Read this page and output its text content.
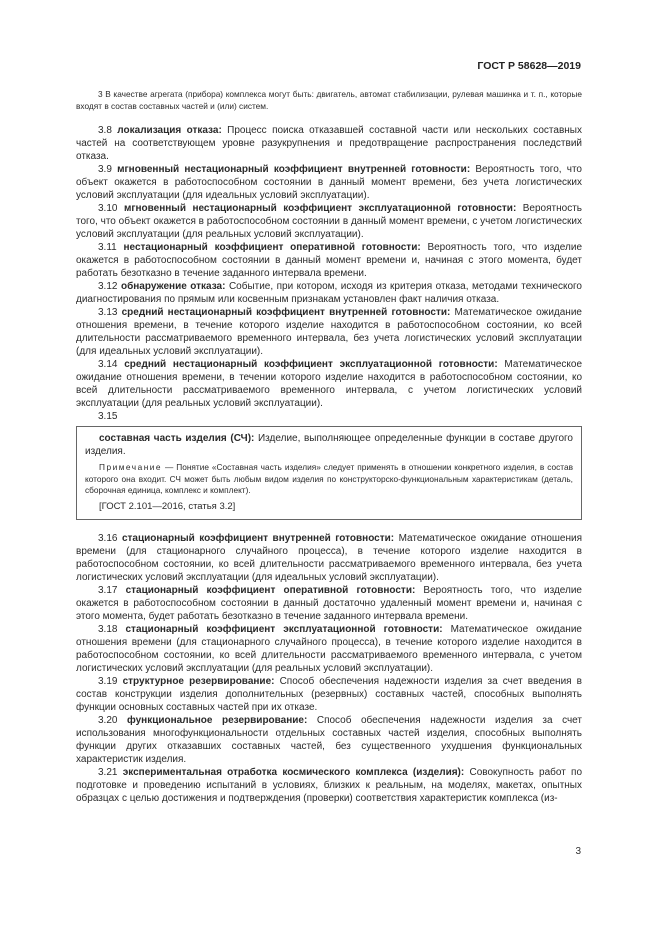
ГОСТ Р 58628—2019

3 В качестве агрегата (прибора) комплекса могут быть: двигатель, автомат стабилизации, рулевая машинка и т. п., которые входят в состав составных частей и (или) систем.

3.8 локализация отказа: Процесс поиска отказавшей составной части или нескольких составных частей на соответствующем уровне разукрупнения и предотвращение распространения последствий отказа.

3.9 мгновенный нестационарный коэффициент внутренней готовности: Вероятность того, что объект окажется в работоспособном состоянии в данный момент времени, без учета логистических условий эксплуатации (для идеальных условий эксплуатации).

3.10 мгновенный нестационарный коэффициент эксплуатационной готовности: Вероятность того, что объект окажется в работоспособном состоянии в данный момент времени, с учетом логистических условий эксплуатации (для реальных условий эксплуатации).

3.11 нестационарный коэффициент оперативной готовности: Вероятность того, что изделие окажется в работоспособном состоянии в данный момент времени и, начиная с этого момента, будет работать безотказно в течение заданного интервала времени.

3.12 обнаружение отказа: Событие, при котором, исходя из критерия отказа, методами технического диагностирования по прямым или косвенным признакам установлен факт наличия отказа.

3.13 средний нестационарный коэффициент внутренней готовности: Математическое ожидание отношения времени, в течение которого изделие находится в работоспособном состоянии, ко всей длительности рассматриваемого временного интервала, без учета логистических условий эксплуатации (для идеальных условий эксплуатации).

3.14 средний нестационарный коэффициент эксплуатационной готовности: Математическое ожидание отношения времени, в течении которого изделие находится в работоспособном состоянии, ко всей длительности рассматриваемого временного интервала, с учетом логистических условий эксплуатации (для реальных условий эксплуатации).

3.15

составная часть изделия (СЧ): Изделие, выполняющее определенные функции в составе другого изделия.

Примечание — Понятие «Составная часть изделия» следует применять в отношении конкретного изделия, в состав которого она входит. СЧ может быть любым видом изделия по конструкторско-функциональным характеристикам (деталь, сборочная единица, комплекс и комплект).

[ГОСТ 2.101—2016, статья 3.2]

3.16 стационарный коэффициент внутренней готовности: Математическое ожидание отношения времени (для стационарного случайного процесса), в течение которого изделие находится в работоспособном состоянии, ко всей длительности рассматриваемого временного интервала, без учета логистических условий эксплуатации (для идеальных условий эксплуатации).

3.17 стационарный коэффициент оперативной готовности: Вероятность того, что изделие окажется в работоспособном состоянии в данный достаточно удаленный момент времени и, начиная с этого момента, будет работать безотказно в течение заданного интервала времени.

3.18 стационарный коэффициент эксплуатационной готовности: Математическое ожидание отношения времени (для стационарного случайного процесса), в течение которого изделие находится в работоспособном состоянии, ко всей длительности рассматриваемого временного интервала, с учетом логистических условий эксплуатации (для реальных условий эксплуатации).

3.19 структурное резервирование: Способ обеспечения надежности изделия за счет введения в состав конструкции изделия дополнительных (резервных) составных частей, способных выполнять функции основных составных частей при их отказе.

3.20 функциональное резервирование: Способ обеспечения надежности изделия за счет использования многофункциональности отдельных составных частей изделия, способных выполнять функции других отказавших составных частей, без существенного ухудшения функциональных характеристик изделия.

3.21 экспериментальная отработка космического комплекса (изделия): Совокупность работ по подготовке и проведению испытаний в условиях, близких к реальным, на моделях, макетах, опытных образцах с целью достижения и подтверждения (проверки) соответствия характеристик комплекса (из-

3
